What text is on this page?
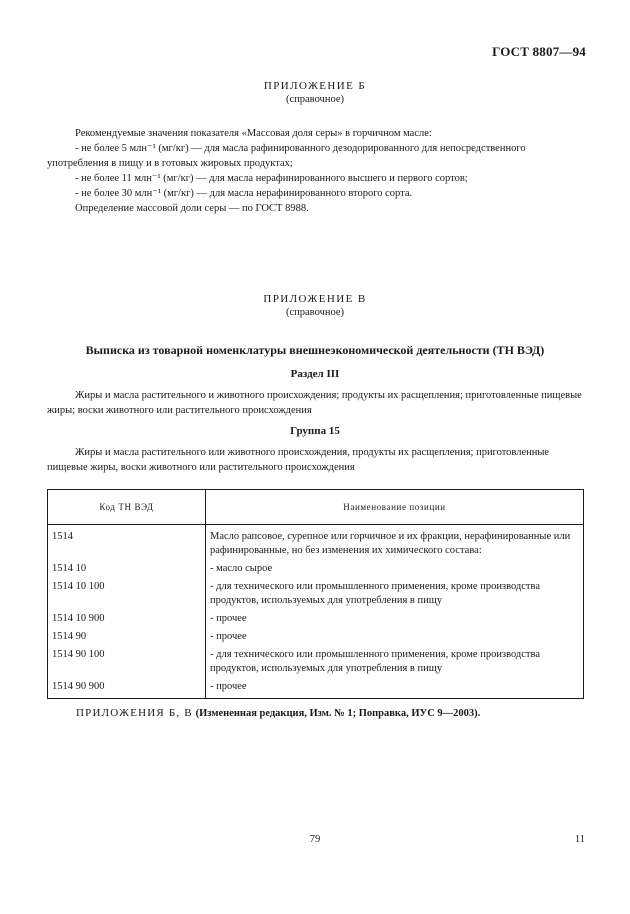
ГОСТ 8807—94
ПРИЛОЖЕНИЕ Б
(справочное)

Рекомендуемые значения показателя «Массовая доля серы» в горчичном масле:

- не более 5 млн⁻¹ (мг/кг) — для масла рафинированного дезодорированного для непосредственного употребления в пищу и в готовых жировых продуктах;

- не более 11 млн⁻¹ (мг/кг) — для масла нерафинированного высшего и первого сортов;

- не более 30 млн⁻¹ (мг/кг) — для масла нерафинированного второго сорта.

Определение массовой доли серы — по ГОСТ 8988.

ПРИЛОЖЕНИЕ В
(справочное)
Выписка из товарной номенклатуры внешнеэкономической деятельности (ТН ВЭД)
Раздел III
Жиры и масла растительного и животного происхождения; продукты их расщепления; приготовленные пищевые жиры; воски животного или растительного происхождения
Группа 15
Жиры и масла растительного или животного происхождения, продукты их расщепления; приготовленные пищевые жиры, воски животного или растительного происхождения
Код ТН ВЭД	Наименование позиции
1514	Масло рапсовое, сурепное или горчичное и их фракции, нерафинированные или рафинированные, но без изменения их химического состава:
1514 10	- масло сырое
1514 10 100	- для технического или промышленного применения, кроме производства продуктов, используемых для употребления в пищу
1514 10 900	- прочее
1514 90	- прочее
1514 90 100	- для технического или промышленного применения, кроме производства продуктов, используемых для употребления в пищу
1514 90 900	- прочее
ПРИЛОЖЕНИЯ Б, В (Измененная редакция, Изм. № 1; Поправка, ИУС 9—2003).
79	11
